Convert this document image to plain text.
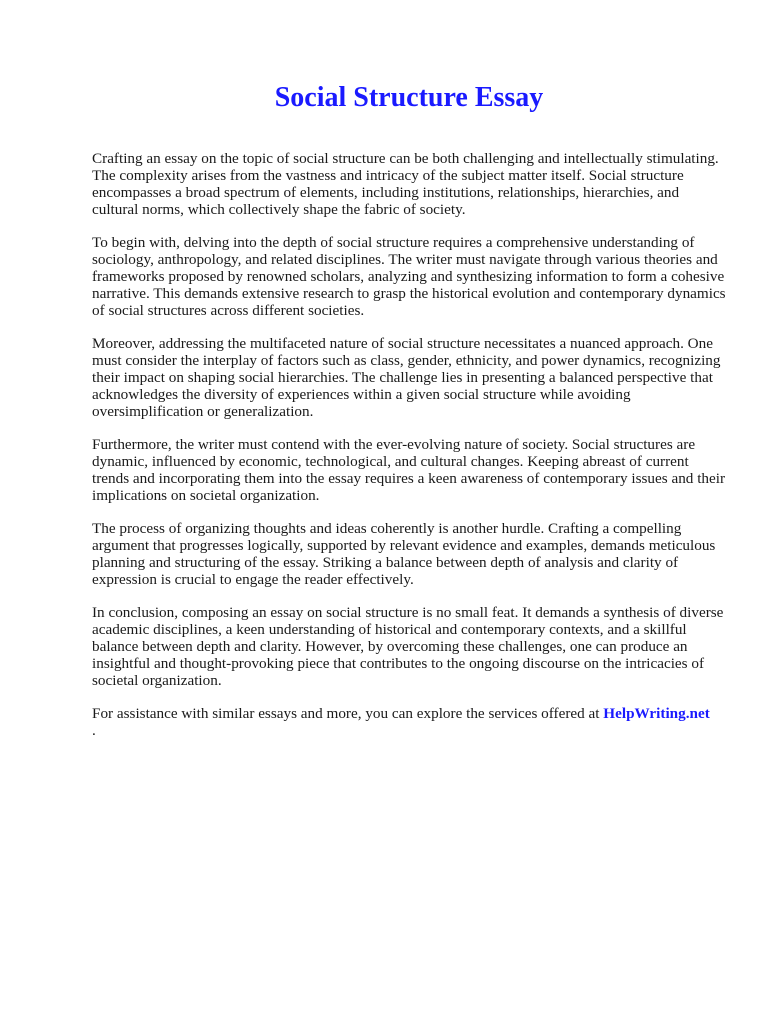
Social Structure Essay

Crafting an essay on the topic of social structure can be both challenging and intellectually stimulating. The complexity arises from the vastness and intricacy of the subject matter itself. Social structure encompasses a broad spectrum of elements, including institutions, relationships, hierarchies, and cultural norms, which collectively shape the fabric of society.

To begin with, delving into the depth of social structure requires a comprehensive understanding of sociology, anthropology, and related disciplines. The writer must navigate through various theories and frameworks proposed by renowned scholars, analyzing and synthesizing information to form a cohesive narrative. This demands extensive research to grasp the historical evolution and contemporary dynamics of social structures across different societies.

Moreover, addressing the multifaceted nature of social structure necessitates a nuanced approach. One must consider the interplay of factors such as class, gender, ethnicity, and power dynamics, recognizing their impact on shaping social hierarchies. The challenge lies in presenting a balanced perspective that acknowledges the diversity of experiences within a given social structure while avoiding oversimplification or generalization.

Furthermore, the writer must contend with the ever-evolving nature of society. Social structures are dynamic, influenced by economic, technological, and cultural changes. Keeping abreast of current trends and incorporating them into the essay requires a keen awareness of contemporary issues and their implications on societal organization.

The process of organizing thoughts and ideas coherently is another hurdle. Crafting a compelling argument that progresses logically, supported by relevant evidence and examples, demands meticulous planning and structuring of the essay. Striking a balance between depth of analysis and clarity of expression is crucial to engage the reader effectively.

In conclusion, composing an essay on social structure is no small feat. It demands a synthesis of diverse academic disciplines, a keen understanding of historical and contemporary contexts, and a skillful balance between depth and clarity. However, by overcoming these challenges, one can produce an insightful and thought-provoking piece that contributes to the ongoing discourse on the intricacies of societal organization.

For assistance with similar essays and more, you can explore the services offered at HelpWriting.net
.
